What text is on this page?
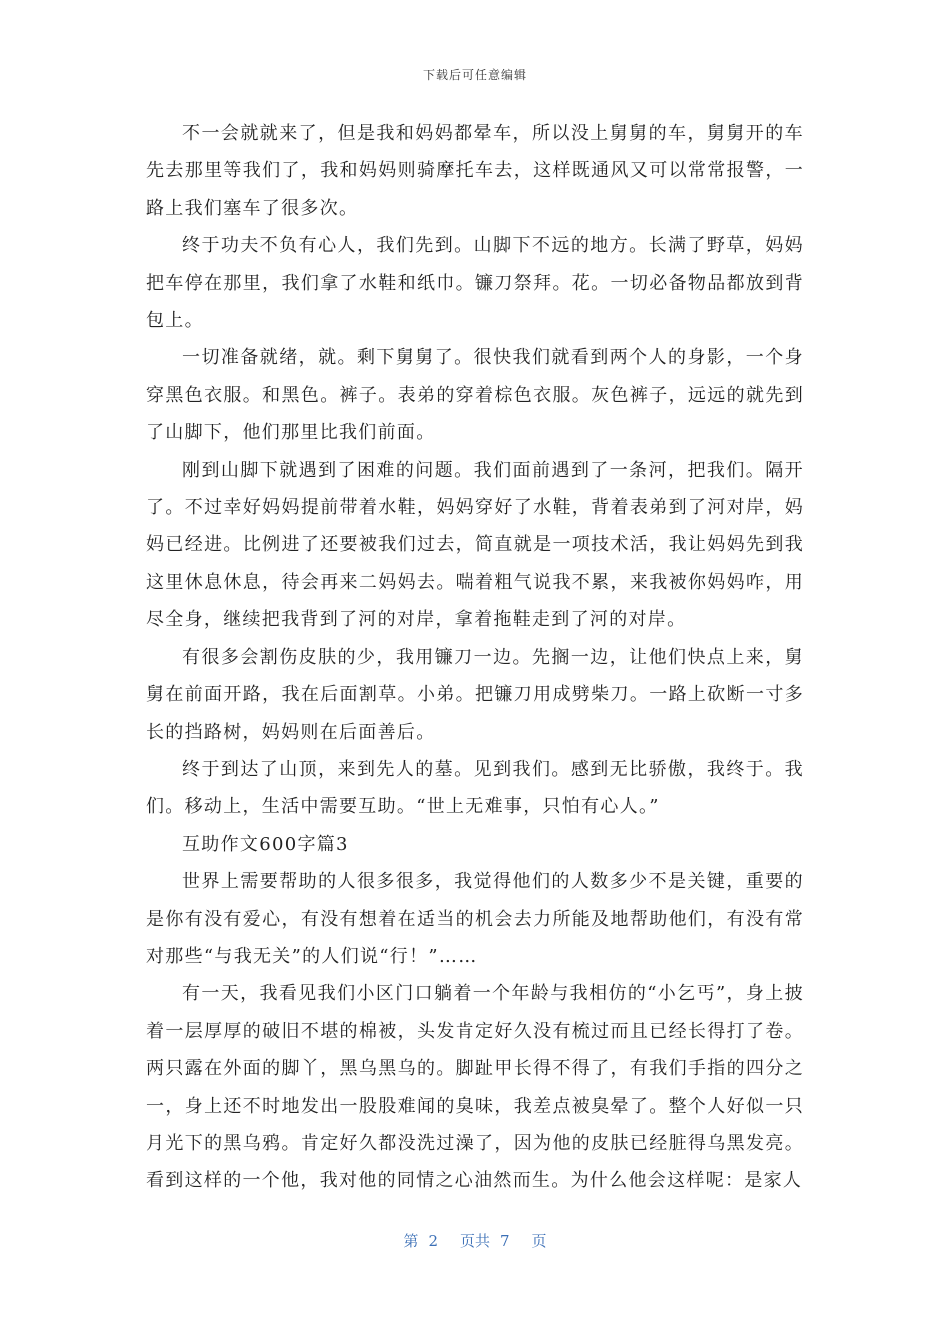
下载后可任意编辑

不一会就就来了，但是我和妈妈都晕车，所以没上舅舅的车，舅舅开的车先去那里等我们了，我和妈妈则骑摩托车去，这样既通风又可以常常报警，一路上我们塞车了很多次。

终于功夫不负有心人，我们先到。山脚下不远的地方。长满了野草，妈妈把车停在那里，我们拿了水鞋和纸巾。镰刀祭拜。花。一切必备物品都放到背包上。

一切准备就绪，就。剩下舅舅了。很快我们就看到两个人的身影，一个身穿黑色衣服。和黑色。裤子。表弟的穿着棕色衣服。灰色裤子，远远的就先到了山脚下，他们那里比我们前面。

刚到山脚下就遇到了困难的问题。我们面前遇到了一条河，把我们。隔开了。不过幸好妈妈提前带着水鞋，妈妈穿好了水鞋，背着表弟到了河对岸，妈妈已经进。比例进了还要被我们过去，简直就是一项技术活，我让妈妈先到我这里休息休息，待会再来二妈妈去。喘着粗气说我不累，来我被你妈妈咋，用尽全身，继续把我背到了河的对岸，拿着拖鞋走到了河的对岸。

有很多会割伤皮肤的少，我用镰刀一边。先搁一边，让他们快点上来，舅舅在前面开路，我在后面割草。小弟。把镰刀用成劈柴刀。一路上砍断一寸多长的挡路树，妈妈则在后面善后。

终于到达了山顶，来到先人的墓。见到我们。感到无比骄傲，我终于。我们。移动上，生活中需要互助。“世上无难事，只怕有心人。”

互助作文600字篇3

世界上需要帮助的人很多很多，我觉得他们的人数多少不是关键，重要的是你有没有爱心，有没有想着在适当的机会去力所能及地帮助他们，有没有常对那些“与我无关”的人们说“行！”……

有一天，我看见我们小区门口躺着一个年龄与我相仿的“小乞丐”，身上披着一层厚厚的破旧不堪的棉被，头发肯定好久没有梳过而且已经长得打了卷。两只露在外面的脚丫，黑乌黑乌的。脚趾甲长得不得了，有我们手指的四分之一，身上还不时地发出一股股难闻的臭味，我差点被臭晕了。整个人好似一只月光下的黑乌鸦。肯定好久都没洗过澡了，因为他的皮肤已经脏得乌黑发亮。看到这样的一个他，我对他的同情之心油然而生。为什么他会这样呢：是家人

第 2 页共 7 页
